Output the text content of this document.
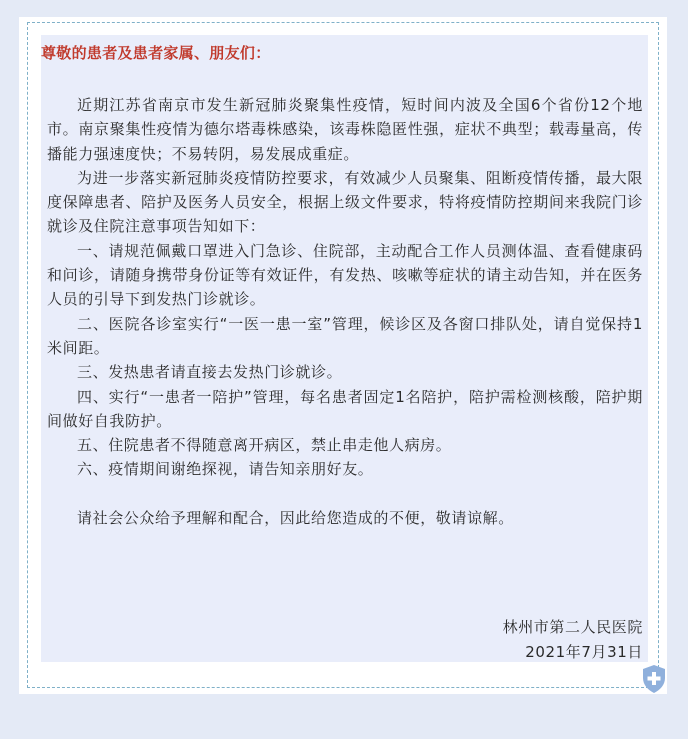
尊敬的患者及患者家属、朋友们：

近期江苏省南京市发生新冠肺炎聚集性疫情，短时间内波及全国6个省份12个地市。南京聚集性疫情为德尔塔毒株感染，该毒株隐匿性强，症状不典型；载毒量高，传播能力强速度快；不易转阴，易发展成重症。

为进一步落实新冠肺炎疫情防控要求，有效减少人员聚集、阻断疫情传播，最大限度保障患者、陪护及医务人员安全，根据上级文件要求，特将疫情防控期间来我院门诊就诊及住院注意事项告知如下：

一、请规范佩戴口罩进入门急诊、住院部，主动配合工作人员测体温、查看健康码和问诊，请随身携带身份证等有效证件，有发热、咳嗽等症状的请主动告知，并在医务人员的引导下到发热门诊就诊。

二、医院各诊室实行“一医一患一室”管理，候诊区及各窗口排队处，请自觉保持1米间距。

三、发热患者请直接去发热门诊就诊。

四、实行“一患者一陪护”管理，每名患者固定1名陪护，陪护需检测核酸，陪护期间做好自我防护。

五、住院患者不得随意离开病区，禁止串走他人病房。

六、疫情期间谢绝探视，请告知亲朋好友。

请社会公众给予理解和配合，因此给您造成的不便，敬请谅解。

林州市第二人民医院
2021年7月31日
